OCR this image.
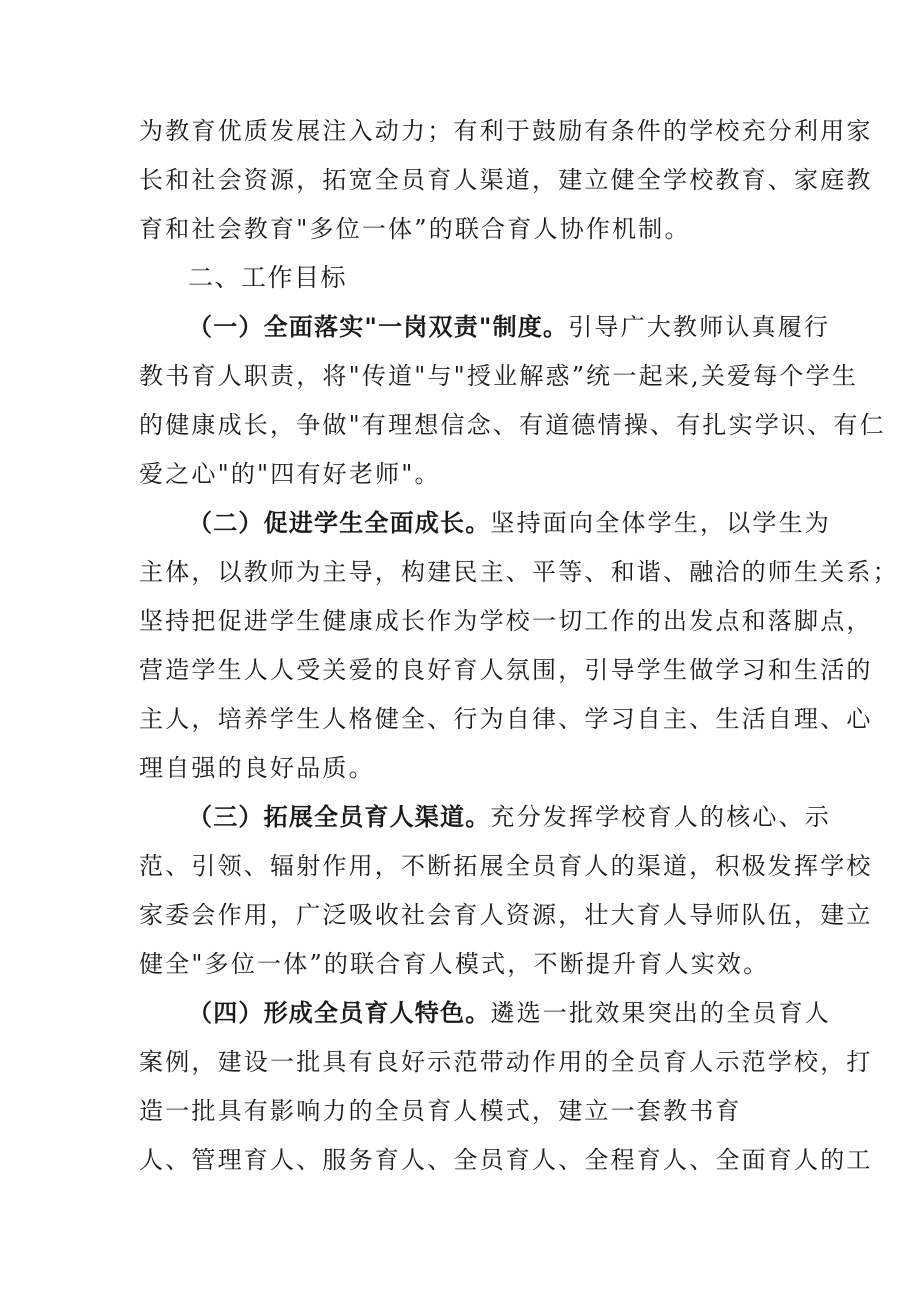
为教育优质发展注入动力；有利于鼓励有条件的学校充分利用家
长和社会资源，拓宽全员育人渠道，建立健全学校教育、家庭教
育和社会教育"多位一体”的联合育人协作机制。
二、工作目标
（一）全面落实"一岗双责"制度。引导广大教师认真履行
教书育人职责，将"传道"与"授业解惑”统一起来,关爱每个学生
的健康成长，争做"有理想信念、有道德情操、有扎实学识、有仁
爱之心"的"四有好老师"。
（二）促进学生全面成长。坚持面向全体学生，以学生为
主体，以教师为主导，构建民主、平等、和谐、融洽的师生关系；
坚持把促进学生健康成长作为学校一切工作的出发点和落脚点，
营造学生人人受关爱的良好育人氛围，引导学生做学习和生活的
主人，培养学生人格健全、行为自律、学习自主、生活自理、心
理自强的良好品质。
（三）拓展全员育人渠道。充分发挥学校育人的核心、示
范、引领、辐射作用，不断拓展全员育人的渠道，积极发挥学校
家委会作用，广泛吸收社会育人资源，壮大育人导师队伍，建立
健全"多位一体”的联合育人模式，不断提升育人实效。
（四）形成全员育人特色。遴选一批效果突出的全员育人
案例，建设一批具有良好示范带动作用的全员育人示范学校，打
造一批具有影响力的全员育人模式，建立一套教书育
人、管理育人、服务育人、全员育人、全程育人、全面育人的工
